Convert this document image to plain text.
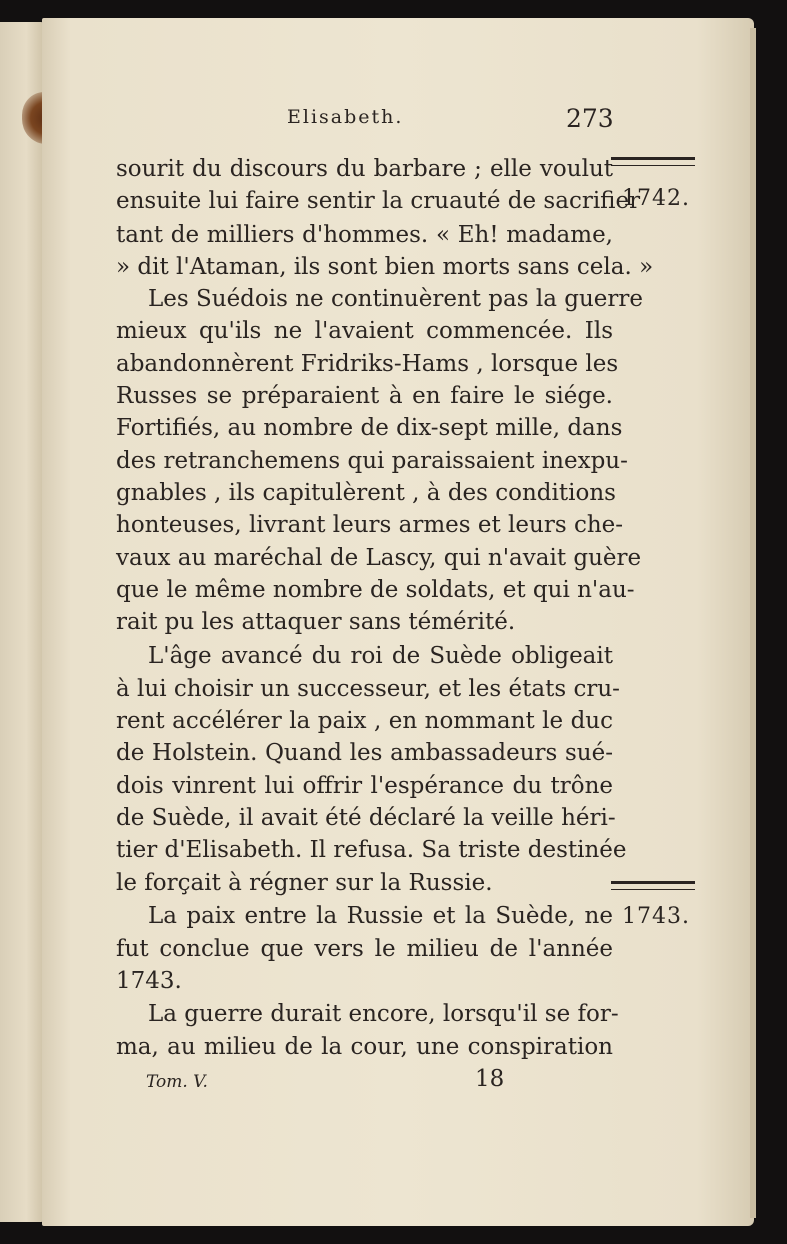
Elisabeth.	273
sourit du discours du barbare ; elle voulut
ensuite lui faire sentir la cruauté de sacrifier
tant de milliers d'hommes. « Eh! madame,
» dit l'Ataman, ils sont bien morts sans cela. »
Les Suédois ne continuèrent pas la guerre
mieux qu'ils ne l'avaient commencée. Ils
abandonnèrent Fridriks-Hams , lorsque les
Russes se préparaient à en faire le siége.
Fortifiés, au nombre de dix-sept mille, dans
des retranchemens qui paraissaient inexpu-
gnables , ils capitulèrent , à des conditions
honteuses, livrant leurs armes et leurs che-
vaux au maréchal de Lascy, qui n'avait guère
que le même nombre de soldats, et qui n'au-
rait pu les attaquer sans témérité.
L'âge avancé du roi de Suède obligeait
à lui choisir un successeur, et les états cru-
rent accélérer la paix , en nommant le duc
de Holstein. Quand les ambassadeurs sué-
dois vinrent lui offrir l'espérance du trône
de Suède, il avait été déclaré la veille héri-
tier d'Elisabeth. Il refusa. Sa triste destinée
le forçait à régner sur la Russie.
La paix entre la Russie et la Suède, ne
fut conclue que vers le milieu de l'année
1743.
La guerre durait encore, lorsqu'il se for-
ma, au milieu de la cour, une conspiration
1742.
1743.
Tom. V.	18
